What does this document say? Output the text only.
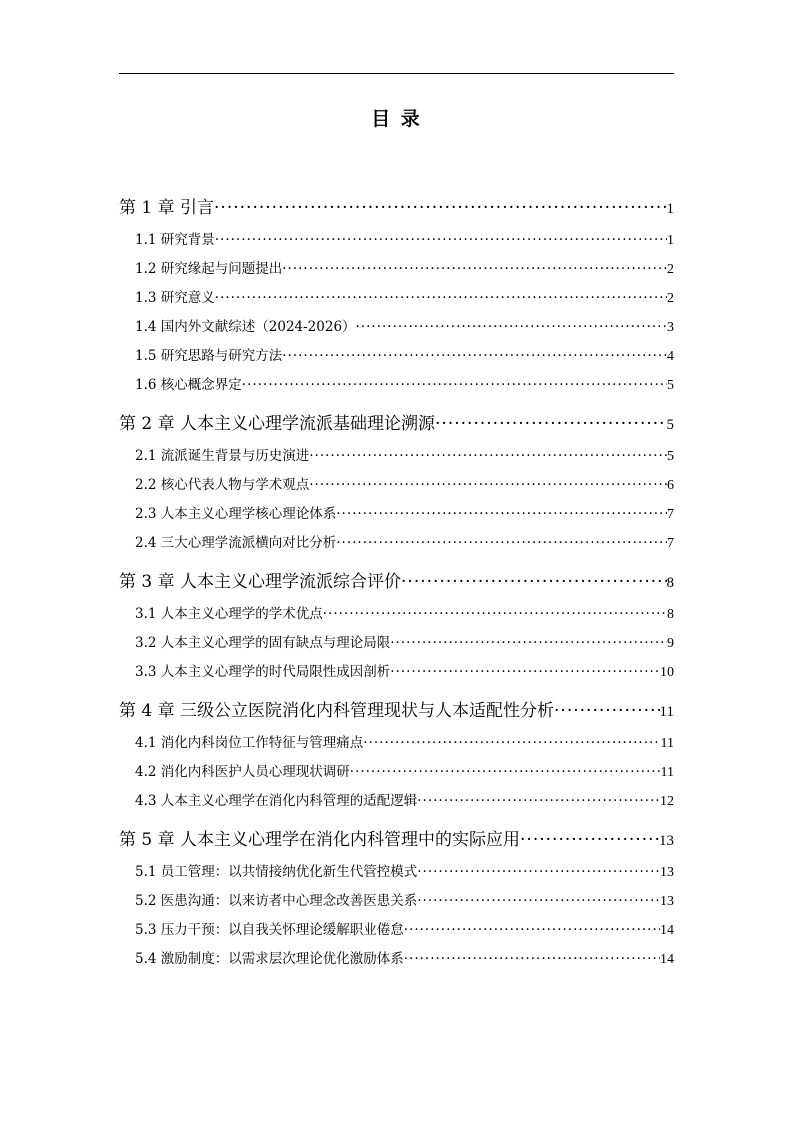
目 录
第 1 章 引言 ·····	1
1.1 研究背景 ·····	1
1.2 研究缘起与问题提出 ·····	2
1.3 研究意义 ·····	2
1.4 国内外文献综述（2024-2026） ·····	3
1.5 研究思路与研究方法 ·····	4
1.6 核心概念界定 ·····	5
第 2 章 人本主义心理学流派基础理论溯源 ·····	5
2.1 流派诞生背景与历史演进 ·····	5
2.2 核心代表人物与学术观点 ·····	6
2.3 人本主义心理学核心理论体系 ·····	7
2.4 三大心理学流派横向对比分析 ·····	7
第 3 章 人本主义心理学流派综合评价 ·····	8
3.1 人本主义心理学的学术优点 ·····	8
3.2 人本主义心理学的固有缺点与理论局限 ·····	9
3.3 人本主义心理学的时代局限性成因剖析 ·····	10
第 4 章 三级公立医院消化内科管理现状与人本适配性分析 ·····	11
4.1 消化内科岗位工作特征与管理痛点 ·····	11
4.2 消化内科医护人员心理现状调研 ·····	11
4.3 人本主义心理学在消化内科管理的适配逻辑 ·····	12
第 5 章 人本主义心理学在消化内科管理中的实际应用 ·····	13
5.1 员工管理：以共情接纳优化新生代管控模式 ·····	13
5.2 医患沟通：以来访者中心理念改善医患关系 ·····	13
5.3 压力干预：以自我关怀理论缓解职业倦怠 ·····	14
5.4 激励制度：以需求层次理论优化激励体系 ·····	14
